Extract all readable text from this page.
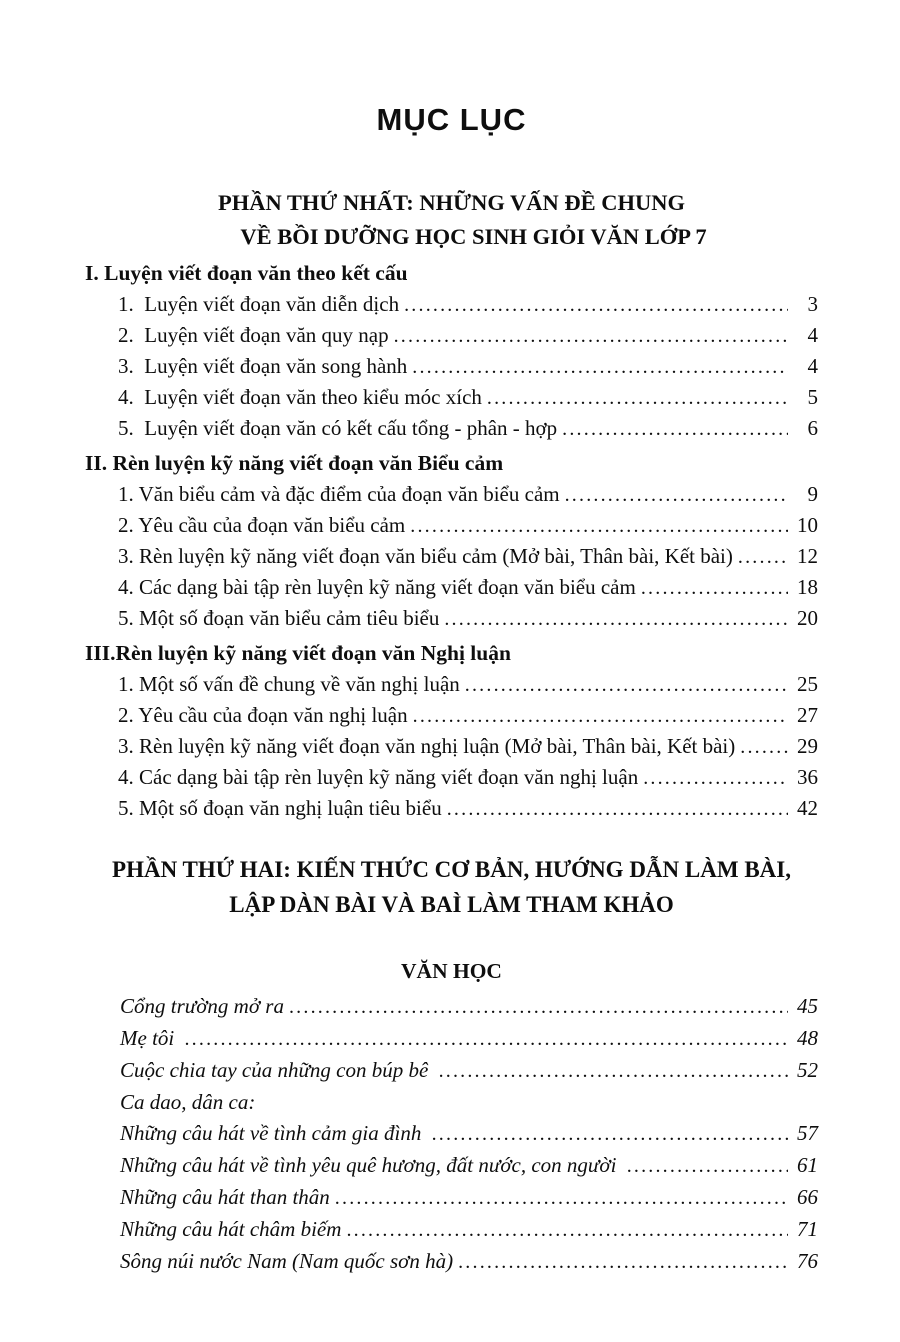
MỤC LỤC
PHẦN THỨ NHẤT: NHỮNG VẤN ĐỀ CHUNG
VỀ BỒI DƯỠNG HỌC SINH GIỎI VĂN LỚP 7
I. Luyện viết đoạn văn theo kết cấu
1.  Luyện viết đoạn văn diễn dịch .....	3
2.  Luyện viết đoạn văn quy nạp .....	4
3.  Luyện viết đoạn văn song hành .....	4
4.  Luyện viết đoạn văn theo kiểu móc xích .....	5
5.  Luyện viết đoạn văn có kết cấu tổng - phân - hợp .....	6
II. Rèn luyện kỹ năng viết đoạn văn Biểu cảm
1. Văn biểu cảm và đặc điểm của đoạn văn biểu cảm .....	9
2. Yêu cầu của đoạn văn biểu cảm .....	10
3. Rèn luyện kỹ năng viết đoạn văn biểu cảm (Mở bài, Thân bài, Kết bài) .....	12
4. Các dạng bài tập rèn luyện kỹ năng viết đoạn văn biểu cảm .....	18
5. Một số đoạn văn biểu cảm tiêu biểu .....	20
III.Rèn luyện kỹ năng viết đoạn văn Nghị luận
1. Một số vấn đề chung về văn nghị luận .....	25
2. Yêu cầu của đoạn văn nghị luận .....	27
3. Rèn luyện kỹ năng viết đoạn văn nghị luận (Mở bài, Thân bài, Kết bài) .....	29
4. Các dạng bài tập rèn luyện kỹ năng viết đoạn văn nghị luận .....	36
5. Một số đoạn văn nghị luận tiêu biểu .....	42
PHẦN THỨ HAI: KIẾN THỨC CƠ BẢN, HƯỚNG DẪN LÀM BÀI,
LẬP DÀN BÀI VÀ BAÌ LÀM THAM KHẢO
VĂN HỌC
Cổng trường mở ra .....	45
Mẹ tôi .....	48
Cuộc chia tay của những con búp bê .....	52
Ca dao, dân ca:
Những câu hát về tình cảm gia đình .....	57
Những câu hát về tình yêu quê hương, đất nước, con người .....	61
Những câu hát than thân .....	66
Những câu hát châm biếm .....	71
Sông núi nước Nam (Nam quốc sơn hà) .....	76
